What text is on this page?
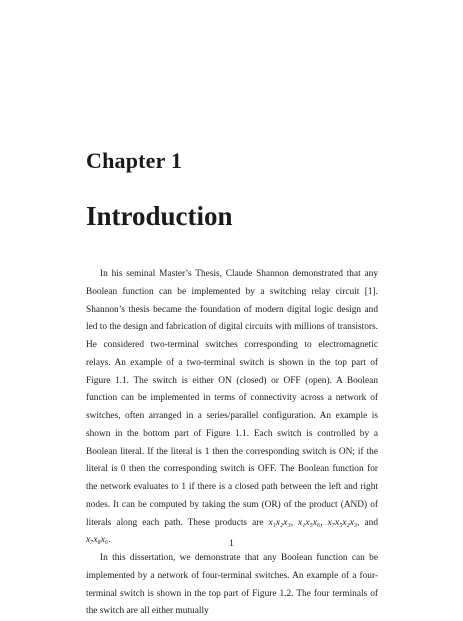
Chapter 1
Introduction

In his seminal Master’s Thesis, Claude Shannon demonstrated that any Boolean function can be implemented by a switching relay circuit [1]. Shannon’s thesis became the foundation of modern digital logic design and led to the design and fabrication of digital circuits with millions of transistors. He considered two-terminal switches corresponding to electromagnetic relays. An example of a two-terminal switch is shown in the top part of Figure 1.1. The switch is either ON (closed) or OFF (open). A Boolean function can be implemented in terms of connectivity across a network of switches, often arranged in a series/parallel configuration. An example is shown in the bottom part of Figure 1.1. Each switch is controlled by a Boolean literal. If the literal is 1 then the corresponding switch is ON; if the literal is 0 then the corresponding switch is OFF. The Boolean function for the network evaluates to 1 if there is a closed path between the left and right nodes. It can be computed by taking the sum (OR) of the product (AND) of literals along each path. These products are x₁x₂x₃, x₁x₅x₆, x₇x₅x₂x₃, and x₇x₈x₆.

In this dissertation, we demonstrate that any Boolean function can be implemented by a network of four-terminal switches. An example of a four-terminal switch is shown in the top part of Figure 1.2. The four terminals of the switch are all either mutually

1
